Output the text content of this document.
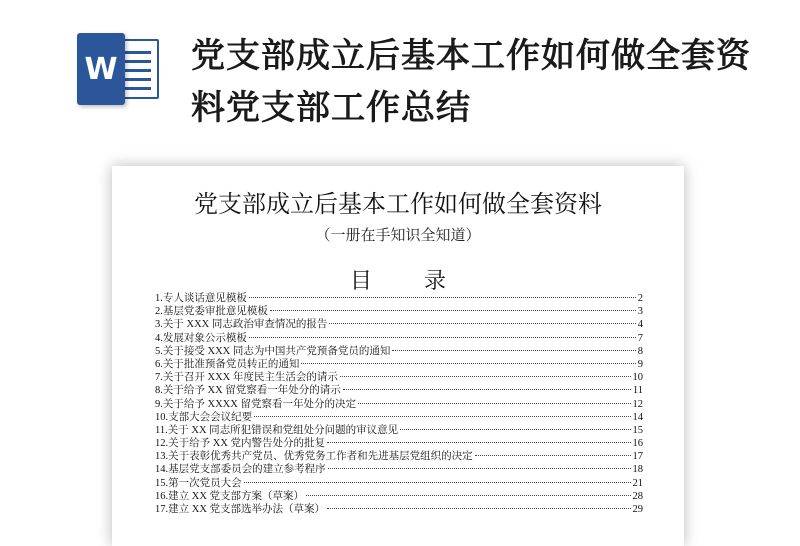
W 党支部成立后基本工作如何做全套资料党支部工作总结
党支部成立后基本工作如何做全套资料
（一册在手知识全知道）
目录
1.专人谈话意见模板	2
2.基层党委审批意见模板	3
3.关于 XXX 同志政治审查情况的报告	4
4.发展对象公示模板	7
5.关于接受 XXX 同志为中国共产党预备党员的通知	8
6.关于批准预备党员转正的通知	9
7.关于召开 XXX 年度民主生活会的请示	10
8.关于给予 XX 留党察看一年处分的请示	11
9.关于给予 XXXX 留党察看一年处分的决定	12
10.支部大会会议纪要	14
11.关于 XX 同志所犯错误和党组处分问题的审议意见	15
12.关于给予 XX 党内警告处分的批复	16
13.关于表彰优秀共产党员、优秀党务工作者和先进基层党组织的决定	17
14.基层党支部委员会的建立参考程序	18
15.第一次党员大会	21
16.建立 XX 党支部方案（草案）	28
17.建立 XX 党支部选举办法（草案）	29
